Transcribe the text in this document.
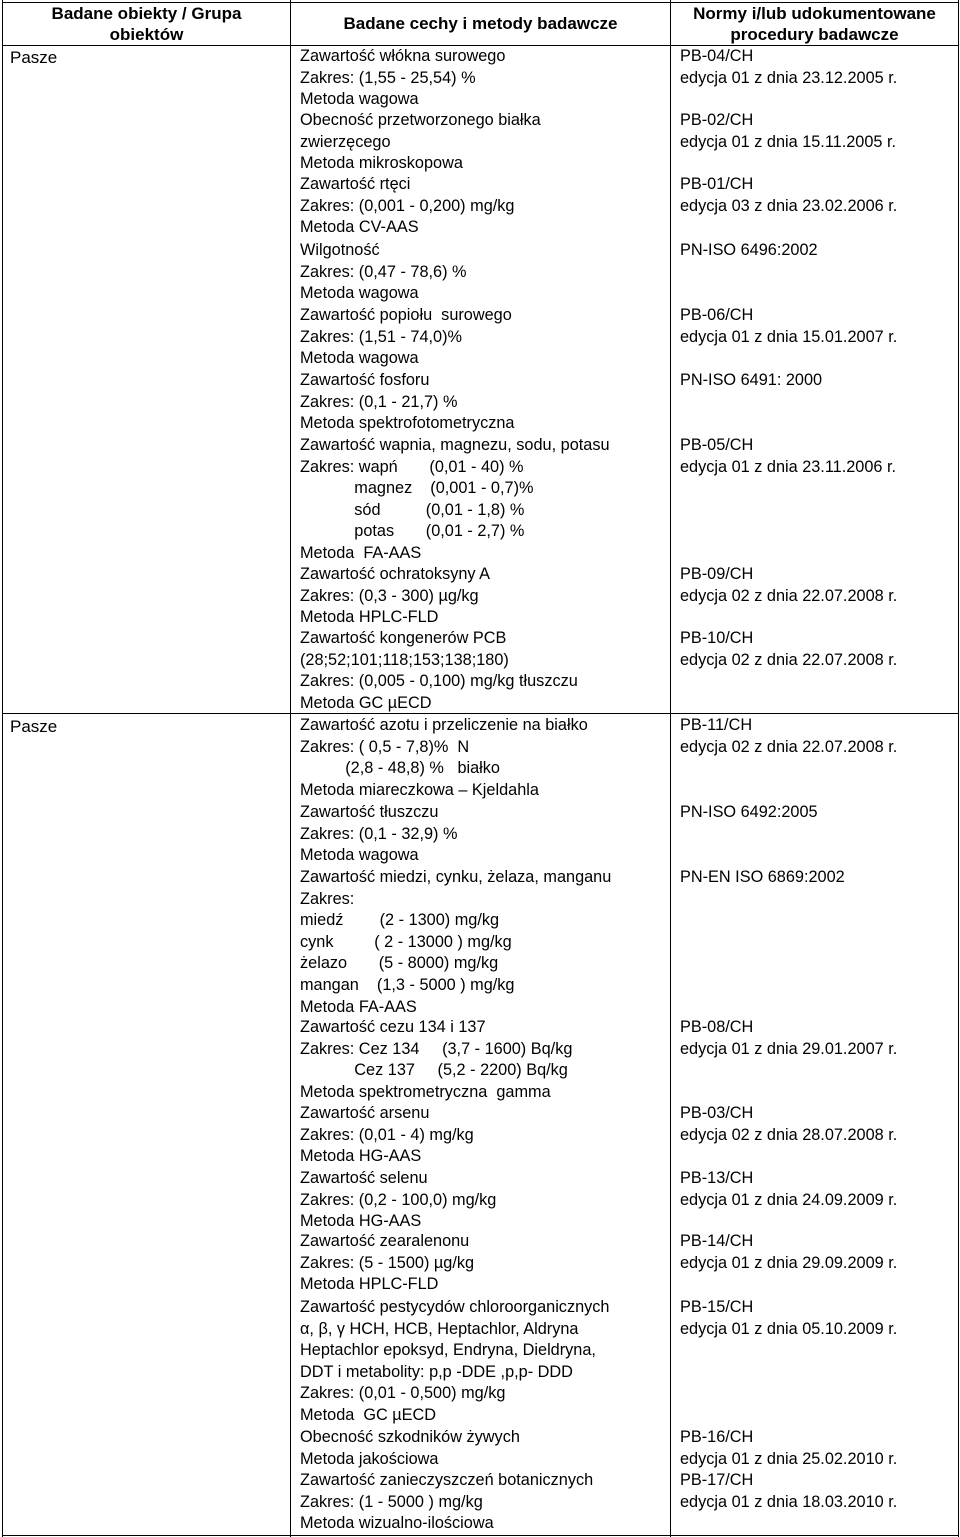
Badane obiekty / Grupa
obiektów
Badane cechy i metody badawcze
Normy i/lub udokumentowane
procedury badawcze
Pasze
Pasze
Zawartość włókna surowego
Zakres: (1,55 - 25,54) %
Metoda wagowa
PB-04/CH
edycja 01 z dnia 23.12.2005 r.
Obecność przetworzonego białka
zwierzęcego
Metoda mikroskopowa
PB-02/CH
edycja 01 z dnia 15.11.2005 r.
Zawartość rtęci
Zakres: (0,001 - 0,200) mg/kg
Metoda CV-AAS
PB-01/CH
edycja 03 z dnia 23.02.2006 r.
Wilgotność
Zakres: (0,47 - 78,6) %
Metoda wagowa
PN-ISO 6496:2002
Zawartość popiołu  surowego
Zakres: (1,51 - 74,0)%
Metoda wagowa
PB-06/CH
edycja 01 z dnia 15.01.2007 r.
Zawartość fosforu
Zakres: (0,1 - 21,7) %
Metoda spektrofotometryczna
PN-ISO 6491: 2000
Zawartość wapnia, magnezu, sodu, potasu
Zakres: wapń       (0,01 - 40) %
magnez    (0,001 - 0,7)%
sód          (0,01 - 1,8) %
potas       (0,01 - 2,7) %
Metoda  FA-AAS
PB-05/CH
edycja 01 z dnia 23.11.2006 r.
Zawartość ochratoksyny A
Zakres: (0,3 - 300) µg/kg
Metoda HPLC-FLD
PB-09/CH
edycja 02 z dnia 22.07.2008 r.
Zawartość kongenerów PCB
(28;52;101;118;153;138;180)
Zakres: (0,005 - 0,100) mg/kg tłuszczu
Metoda GC µECD
PB-10/CH
edycja 02 z dnia 22.07.2008 r.
Zawartość azotu i przeliczenie na białko
Zakres: ( 0,5 - 7,8)%  N
(2,8 - 48,8) %   białko
Metoda miareczkowa – Kjeldahla
PB-11/CH
edycja 02 z dnia 22.07.2008 r.
Zawartość tłuszczu
Zakres: (0,1 - 32,9) %
Metoda wagowa
PN-ISO 6492:2005
Zawartość miedzi, cynku, żelaza, manganu
Zakres:
miedź        (2 - 1300) mg/kg
cynk         ( 2 - 13000 ) mg/kg
żelazo       (5 - 8000) mg/kg
mangan    (1,3 - 5000 ) mg/kg
Metoda FA-AAS
PN-EN ISO 6869:2002
Zawartość cezu 134 i 137
Zakres: Cez 134     (3,7 - 1600) Bq/kg
Cez 137     (5,2 - 2200) Bq/kg
Metoda spektrometryczna  gamma
PB-08/CH
edycja 01 z dnia 29.01.2007 r.
Zawartość arsenu
Zakres: (0,01 - 4) mg/kg
Metoda HG-AAS
PB-03/CH
edycja 02 z dnia 28.07.2008 r.
Zawartość selenu
Zakres: (0,2 - 100,0) mg/kg
Metoda HG-AAS
PB-13/CH
edycja 01 z dnia 24.09.2009 r.
Zawartość zearalenonu
Zakres: (5 - 1500) µg/kg
Metoda HPLC-FLD
PB-14/CH
edycja 01 z dnia 29.09.2009 r.
Zawartość pestycydów chloroorganicznych
α, β, γ HCH, HCB, Heptachlor, Aldryna
Heptachlor epoksyd, Endryna, Dieldryna,
DDT i metabolity: p,p -DDE ,p,p- DDD
Zakres: (0,01 - 0,500) mg/kg
Metoda  GC µECD
PB-15/CH
edycja 01 z dnia 05.10.2009 r.
Obecność szkodników żywych
Metoda jakościowa
PB-16/CH
edycja 01 z dnia 25.02.2010 r.
Zawartość zanieczyszczeń botanicznych
Zakres: (1 - 5000 ) mg/kg
Metoda wizualno-ilościowa
PB-17/CH
edycja 01 z dnia 18.03.2010 r.
